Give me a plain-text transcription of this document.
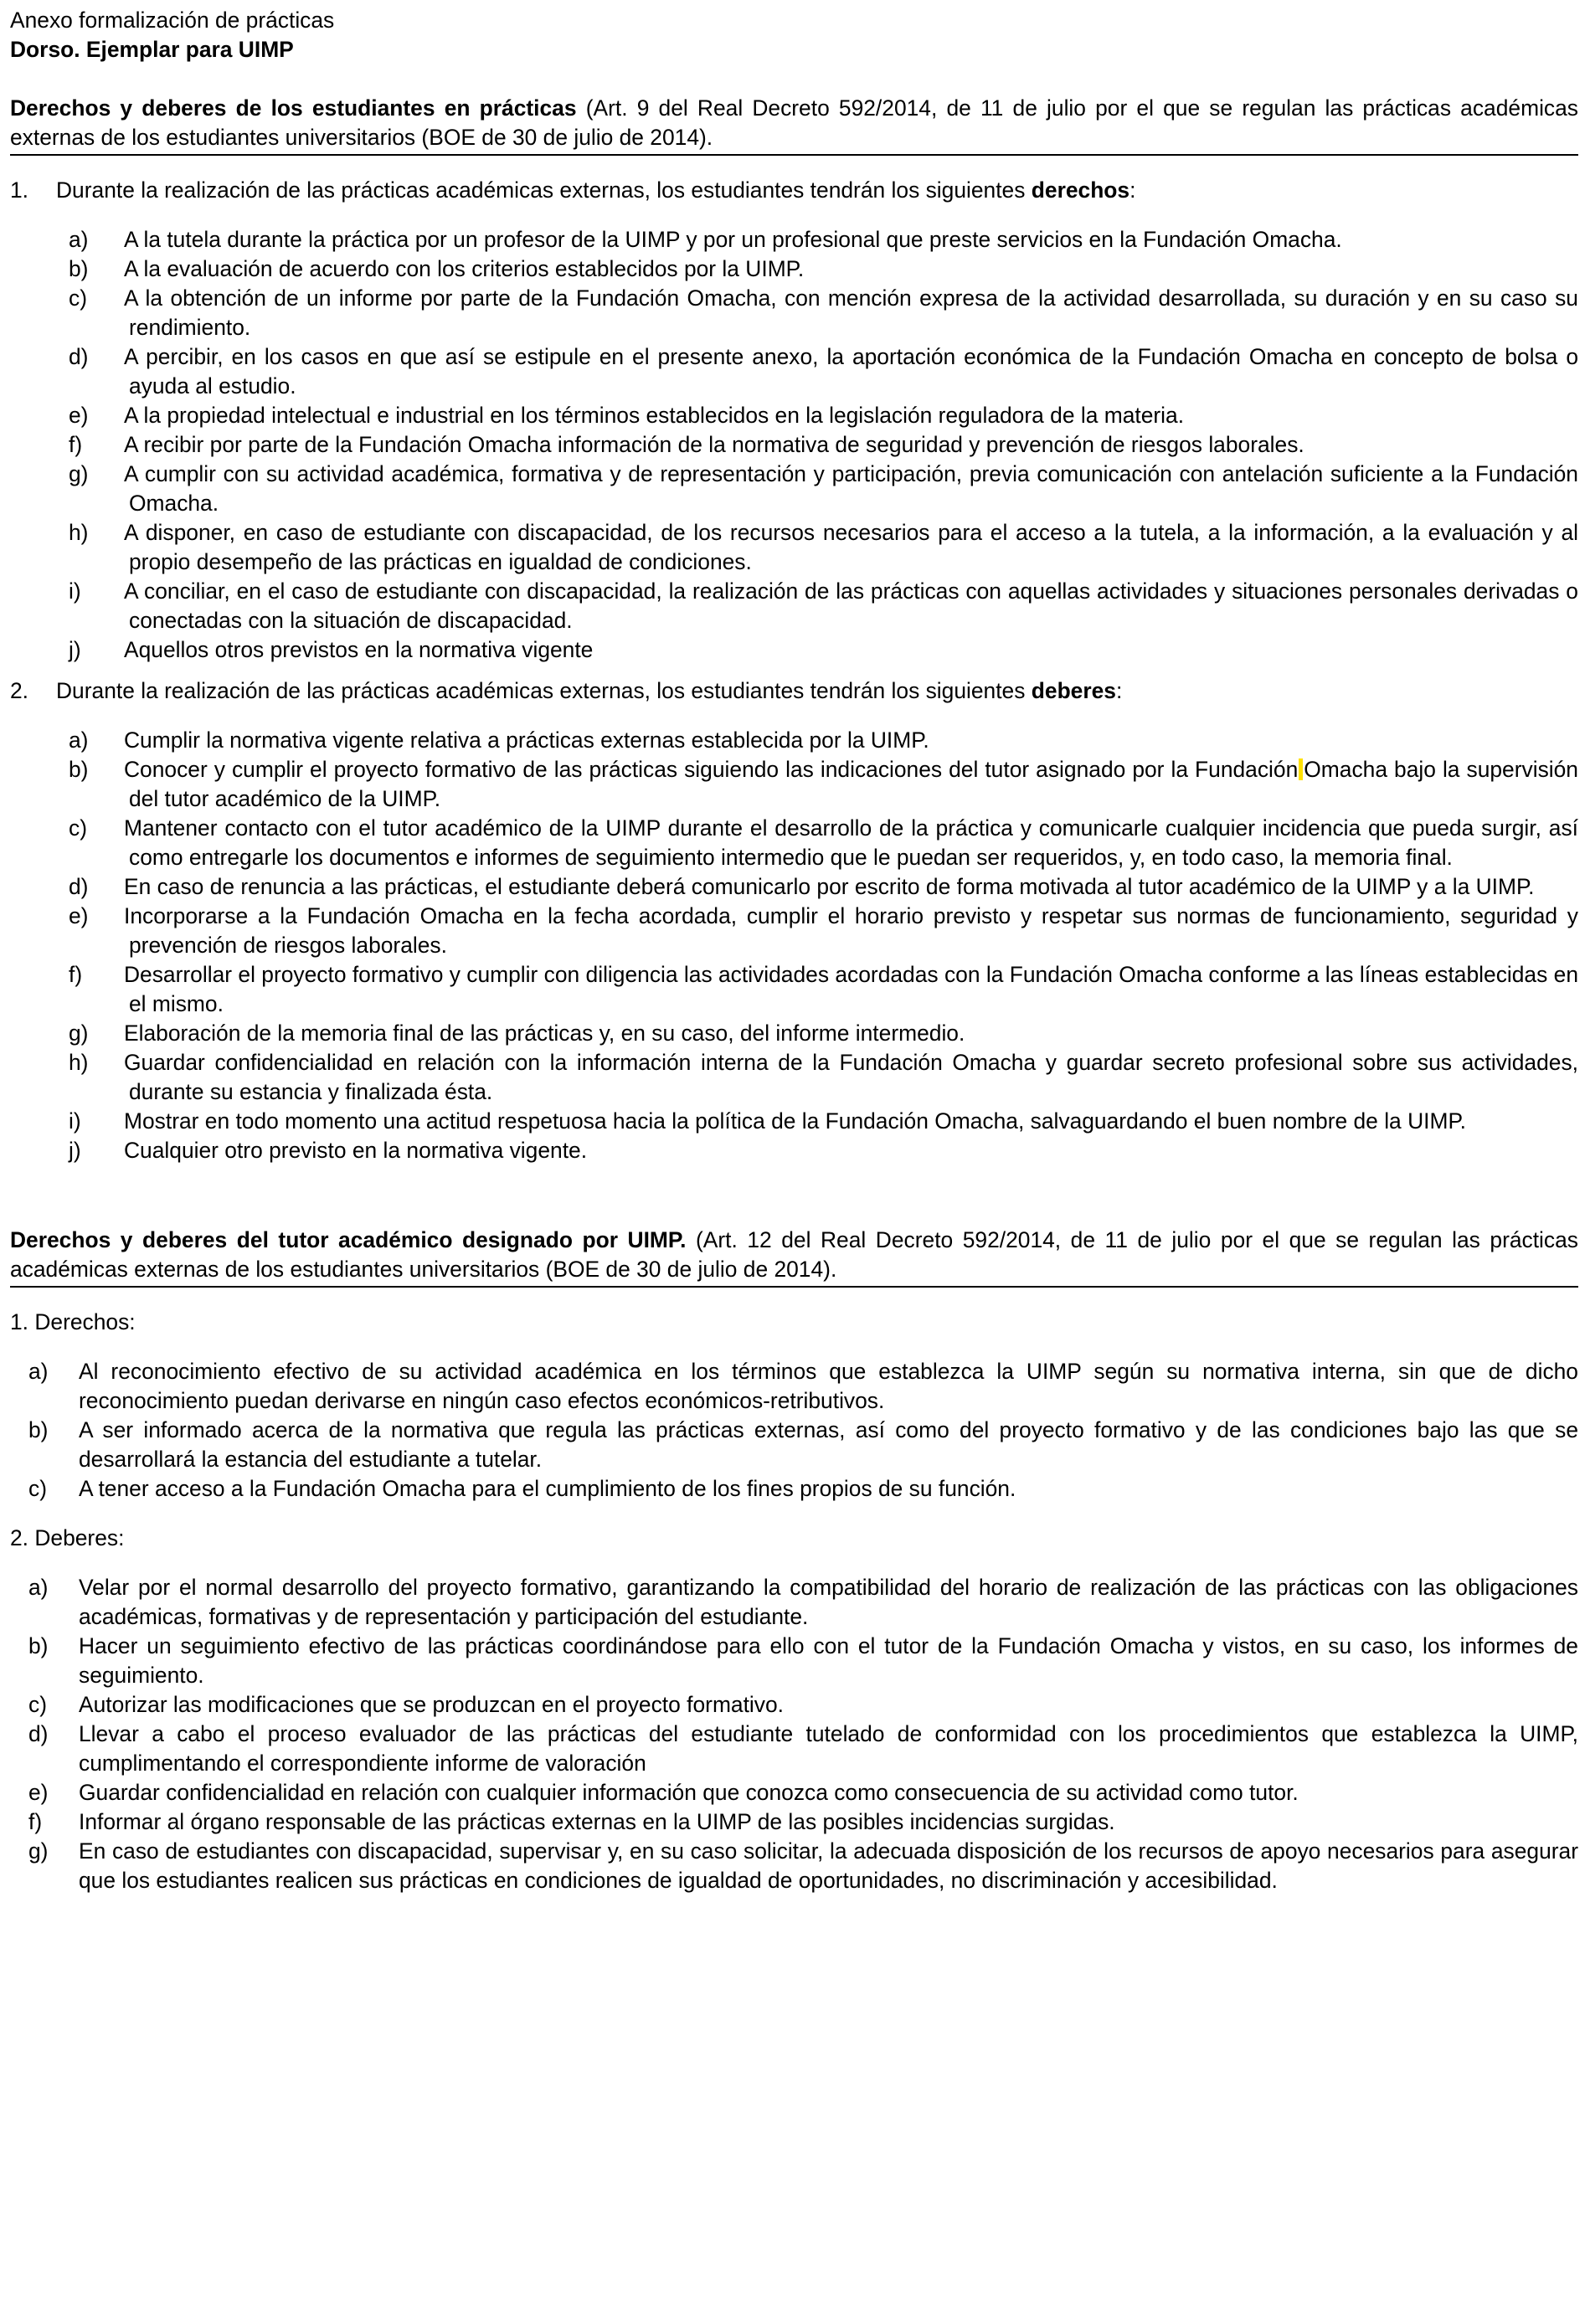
Anexo formalización de prácticas
Dorso. Ejemplar para UIMP
Derechos y deberes de los estudiantes en prácticas (Art. 9 del Real Decreto 592/2014, de 11 de julio por el que se regulan las prácticas académicas externas de los estudiantes universitarios (BOE de 30 de julio de 2014).
1. Durante la realización de las prácticas académicas externas, los estudiantes tendrán los siguientes derechos:
a) A la tutela durante la práctica por un profesor de la UIMP y por un profesional que preste servicios en la Fundación Omacha.
b) A la evaluación de acuerdo con los criterios establecidos por la UIMP.
c) A la obtención de un informe por parte de la Fundación Omacha, con mención expresa de la actividad desarrollada, su duración y en su caso su rendimiento.
d) A percibir, en los casos en que así se estipule en el presente anexo, la aportación económica de la Fundación Omacha en concepto de bolsa o ayuda al estudio.
e) A la propiedad intelectual e industrial en los términos establecidos en la legislación reguladora de la materia.
f) A recibir por parte de la Fundación Omacha información de la normativa de seguridad y prevención de riesgos laborales.
g) A cumplir con su actividad académica, formativa y de representación y participación, previa comunicación con antelación suficiente a la Fundación Omacha.
h) A disponer, en caso de estudiante con discapacidad, de los recursos necesarios para el acceso a la tutela, a la información, a la evaluación y al propio desempeño de las prácticas en igualdad de condiciones.
i) A conciliar, en el caso de estudiante con discapacidad, la realización de las prácticas con aquellas actividades y situaciones personales derivadas o conectadas con la situación de discapacidad.
j) Aquellos otros previstos en la normativa vigente
2. Durante la realización de las prácticas académicas externas, los estudiantes tendrán los siguientes deberes:
a) Cumplir la normativa vigente relativa a prácticas externas establecida por la UIMP.
b) Conocer y cumplir el proyecto formativo de las prácticas siguiendo las indicaciones del tutor asignado por la Fundación Omacha bajo la supervisión del tutor académico de la UIMP.
c) Mantener contacto con el tutor académico de la UIMP durante el desarrollo de la práctica y comunicarle cualquier incidencia que pueda surgir, así como entregarle los documentos e informes de seguimiento intermedio que le puedan ser requeridos, y, en todo caso, la memoria final.
d) En caso de renuncia a las prácticas, el estudiante deberá comunicarlo por escrito de forma motivada al tutor académico de la UIMP y a la UIMP.
e) Incorporarse a la Fundación Omacha en la fecha acordada, cumplir el horario previsto y respetar sus normas de funcionamiento, seguridad y prevención de riesgos laborales.
f) Desarrollar el proyecto formativo y cumplir con diligencia las actividades acordadas con la Fundación Omacha conforme a las líneas establecidas en el mismo.
g) Elaboración de la memoria final de las prácticas y, en su caso, del informe intermedio.
h) Guardar confidencialidad en relación con la información interna de la Fundación Omacha y guardar secreto profesional sobre sus actividades, durante su estancia y finalizada ésta.
i) Mostrar en todo momento una actitud respetuosa hacia la política de la Fundación Omacha, salvaguardando el buen nombre de la UIMP.
j) Cualquier otro previsto en la normativa vigente.
Derechos y deberes del tutor académico designado por UIMP. (Art. 12 del Real Decreto 592/2014, de 11 de julio por el que se regulan las prácticas académicas externas de los estudiantes universitarios (BOE de 30 de julio de 2014).
1. Derechos:
a) Al reconocimiento efectivo de su actividad académica en los términos que establezca la UIMP según su normativa interna, sin que de dicho reconocimiento puedan derivarse en ningún caso efectos económicos-retributivos.
b) A ser informado acerca de la normativa que regula las prácticas externas, así como del proyecto formativo y de las condiciones bajo las que se desarrollará la estancia del estudiante a tutelar.
c) A tener acceso a la Fundación Omacha para el cumplimiento de los fines propios de su función.
2. Deberes:
a) Velar por el normal desarrollo del proyecto formativo, garantizando la compatibilidad del horario de realización de las prácticas con las obligaciones académicas, formativas y de representación y participación del estudiante.
b) Hacer un seguimiento efectivo de las prácticas coordinándose para ello con el tutor de la Fundación Omacha y vistos, en su caso, los informes de seguimiento.
c) Autorizar las modificaciones que se produzcan en el proyecto formativo.
d) Llevar a cabo el proceso evaluador de las prácticas del estudiante tutelado de conformidad con los procedimientos que establezca la UIMP, cumplimentando el correspondiente informe de valoración
e) Guardar confidencialidad en relación con cualquier información que conozca como consecuencia de su actividad como tutor.
f) Informar al órgano responsable de las prácticas externas en la UIMP de las posibles incidencias surgidas.
g) En caso de estudiantes con discapacidad, supervisar y, en su caso solicitar, la adecuada disposición de los recursos de apoyo necesarios para asegurar que los estudiantes realicen sus prácticas en condiciones de igualdad de oportunidades, no discriminación y accesibilidad.
